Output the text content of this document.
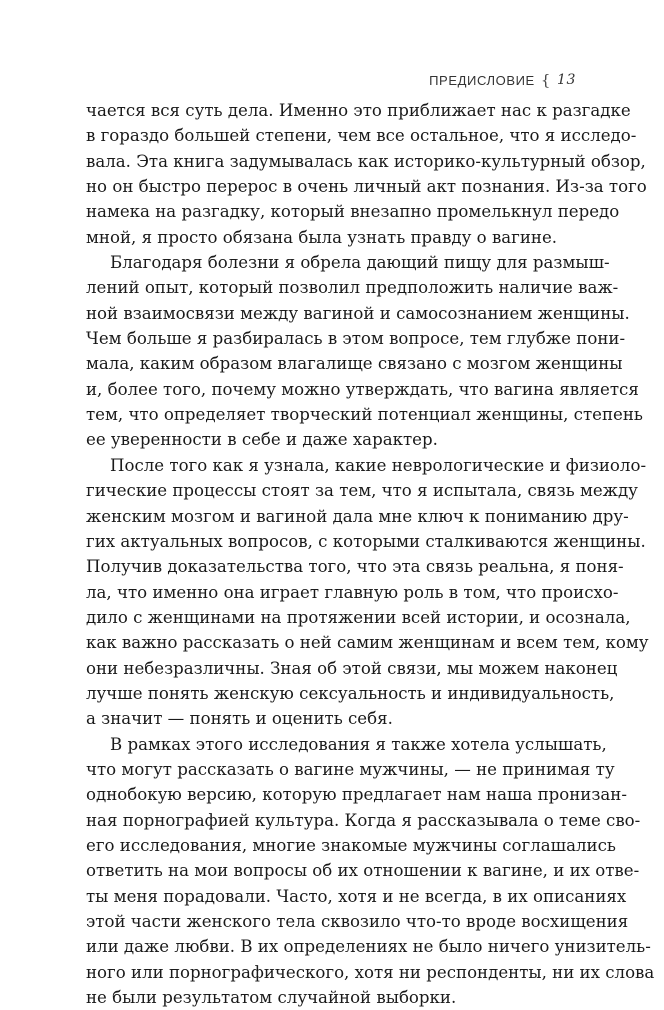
ПРЕДИСЛОВИЕ { 13
чается вся суть дела. Именно это приближает нас к разгадке
в гораздо большей степени, чем все остальное, что я исследо-
вала. Эта книга задумывалась как историко-культурный обзор,
но он быстро перерос в очень личный акт познания. Из-за того
намека на разгадку, который внезапно промелькнул передо
мной, я просто обязана была узнать правду о вагине.
Благодаря болезни я обрела дающий пищу для размыш-
лений опыт, который позволил предположить наличие важ-
ной взаимосвязи между вагиной и самосознанием женщины.
Чем больше я разбиралась в этом вопросе, тем глубже пони-
мала, каким образом влагалище связано с мозгом женщины
и, более того, почему можно утверждать, что вагина является
тем, что определяет творческий потенциал женщины, степень
ее уверенности в себе и даже характер.
После того как я узнала, какие неврологические и физиоло-
гические процессы стоят за тем, что я испытала, связь между
женским мозгом и вагиной дала мне ключ к пониманию дру-
гих актуальных вопросов, с которыми сталкиваются женщины.
Получив доказательства того, что эта связь реальна, я поня-
ла, что именно она играет главную роль в том, что происхо-
дило с женщинами на протяжении всей истории, и осознала,
как важно рассказать о ней самим женщинам и всем тем, кому
они небезразличны. Зная об этой связи, мы можем наконец
лучше понять женскую сексуальность и индивидуальность,
а значит — понять и оценить себя.
В рамках этого исследования я также хотела услышать,
что могут рассказать о вагине мужчины, — не принимая ту
однобокую версию, которую предлагает нам наша пронизан-
ная порнографией культура. Когда я рассказывала о теме сво-
его исследования, многие знакомые мужчины соглашались
ответить на мои вопросы об их отношении к вагине, и их отве-
ты меня порадовали. Часто, хотя и не всегда, в их описаниях
этой части женского тела сквозило что-то вроде восхищения
или даже любви. В их определениях не было ничего унизитель-
ного или порнографического, хотя ни респонденты, ни их слова
не были результатом случайной выборки.
